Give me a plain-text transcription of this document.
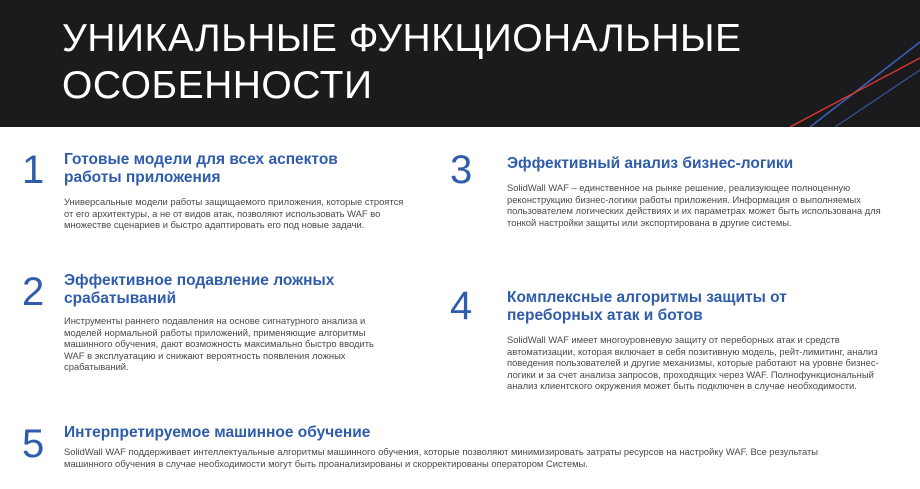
УНИКАЛЬНЫЕ ФУНКЦИОНАЛЬНЫЕ
ОСОБЕННОСТИ
1 Готовые модели для всех аспектов работы приложения

Универсальные модели работы защищаемого приложения, которые строятся от его архитектуры, а не от видов атак, позволяют использовать WAF во множестве сценариев и быстро адаптировать его под новые задачи.

2 Эффективное подавление ложных срабатываний

Инструменты раннего подавления на основе сигнатурного анализа и моделей нормальной работы приложений, применяющие алгоритмы машинного обучения, дают возможность максимально быстро вводить WAF в эксплуатацию и снижают вероятность появления ложных срабатываний.

3 Эффективный анализ бизнес-логики

SolidWall WAF – единственное на рынке решение, реализующее полноценную реконструкцию бизнес-логики работы приложения. Информация о выполняемых пользователем логических действиях и их параметрах может быть использована для тонкой настройки защиты или экспортирована в другие системы.

4 Комплексные алгоритмы защиты от переборных атак и ботов

SolidWall WAF имеет многоуровневую защиту от переборных атак и средств автоматизации, которая включает в себя позитивную модель, рейт-лимитинг, анализ поведения пользователей и другие механизмы, которые работают на уровне бизнес-логики и за счет анализа запросов, проходящих через WAF. Полнофункциональный анализ клиентского окружения может быть подключен в случае необходимости.

5 Интерпретируемое машинное обучение

SolidWall WAF поддерживает интеллектуальные алгоритмы машинного обучения, которые позволяют минимизировать затраты ресурсов на настройку WAF. Все результаты машинного обучения в случае необходимости могут быть проанализированы и скорректированы оператором Системы.
